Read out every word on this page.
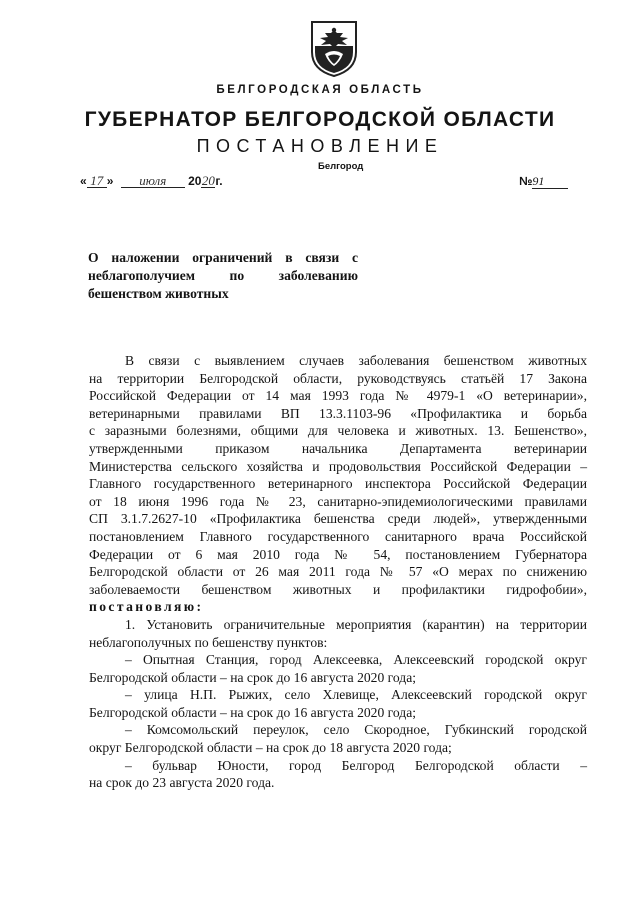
БЕЛГОРОДСКАЯ ОБЛАСТЬ
ГУБЕРНАТОР БЕЛГОРОДСКОЙ ОБЛАСТИ
ПОСТАНОВЛЕНИЕ
Белгород
« 17 » июля 2020г.	№91
О наложении ограничений в связи с неблагополучием по заболеванию бешенством животных

В связи с выявлением случаев заболевания бешенством животных

на территории Белгородской области, руководствуясь статьёй 17 Закона

Российской Федерации от 14 мая 1993 года № 4979-1 «О ветеринарии»,

ветеринарными правилами ВП 13.3.1103-96 «Профилактика и борьба

с заразными болезнями, общими для человека и животных. 13. Бешенство»,

утвержденными приказом начальника Департамента ветеринарии

Министерства сельского хозяйства и продовольствия Российской Федерации –

Главного государственного ветеринарного инспектора Российской Федерации

от 18 июня 1996 года № 23, санитарно-эпидемиологическими правилами

СП 3.1.7.2627-10 «Профилактика бешенства среди людей», утвержденными

постановлением Главного государственного санитарного врача Российской

Федерации от 6 мая 2010 года № 54, постановлением Губернатора

Белгородской области от 26 мая 2011 года № 57 «О мерах по снижению

заболеваемости бешенством животных и профилактики гидрофобии»,

постановляю:

1. Установить ограничительные мероприятия (карантин) на территории

неблагополучных по бешенству пунктов:

– Опытная Станция, город Алексеевка, Алексеевский городской округ

Белгородской области – на срок до 16 августа 2020 года;

– улица Н.П. Рыжих, село Хлевище, Алексеевский городской округ

Белгородской области – на срок до 16 августа 2020 года;

– Комсомольский переулок, село Скородное, Губкинский городской

округ Белгородской области – на срок до 18 августа 2020 года;

– бульвар Юности, город Белгород Белгородской области –

на срок до 23 августа 2020 года.
